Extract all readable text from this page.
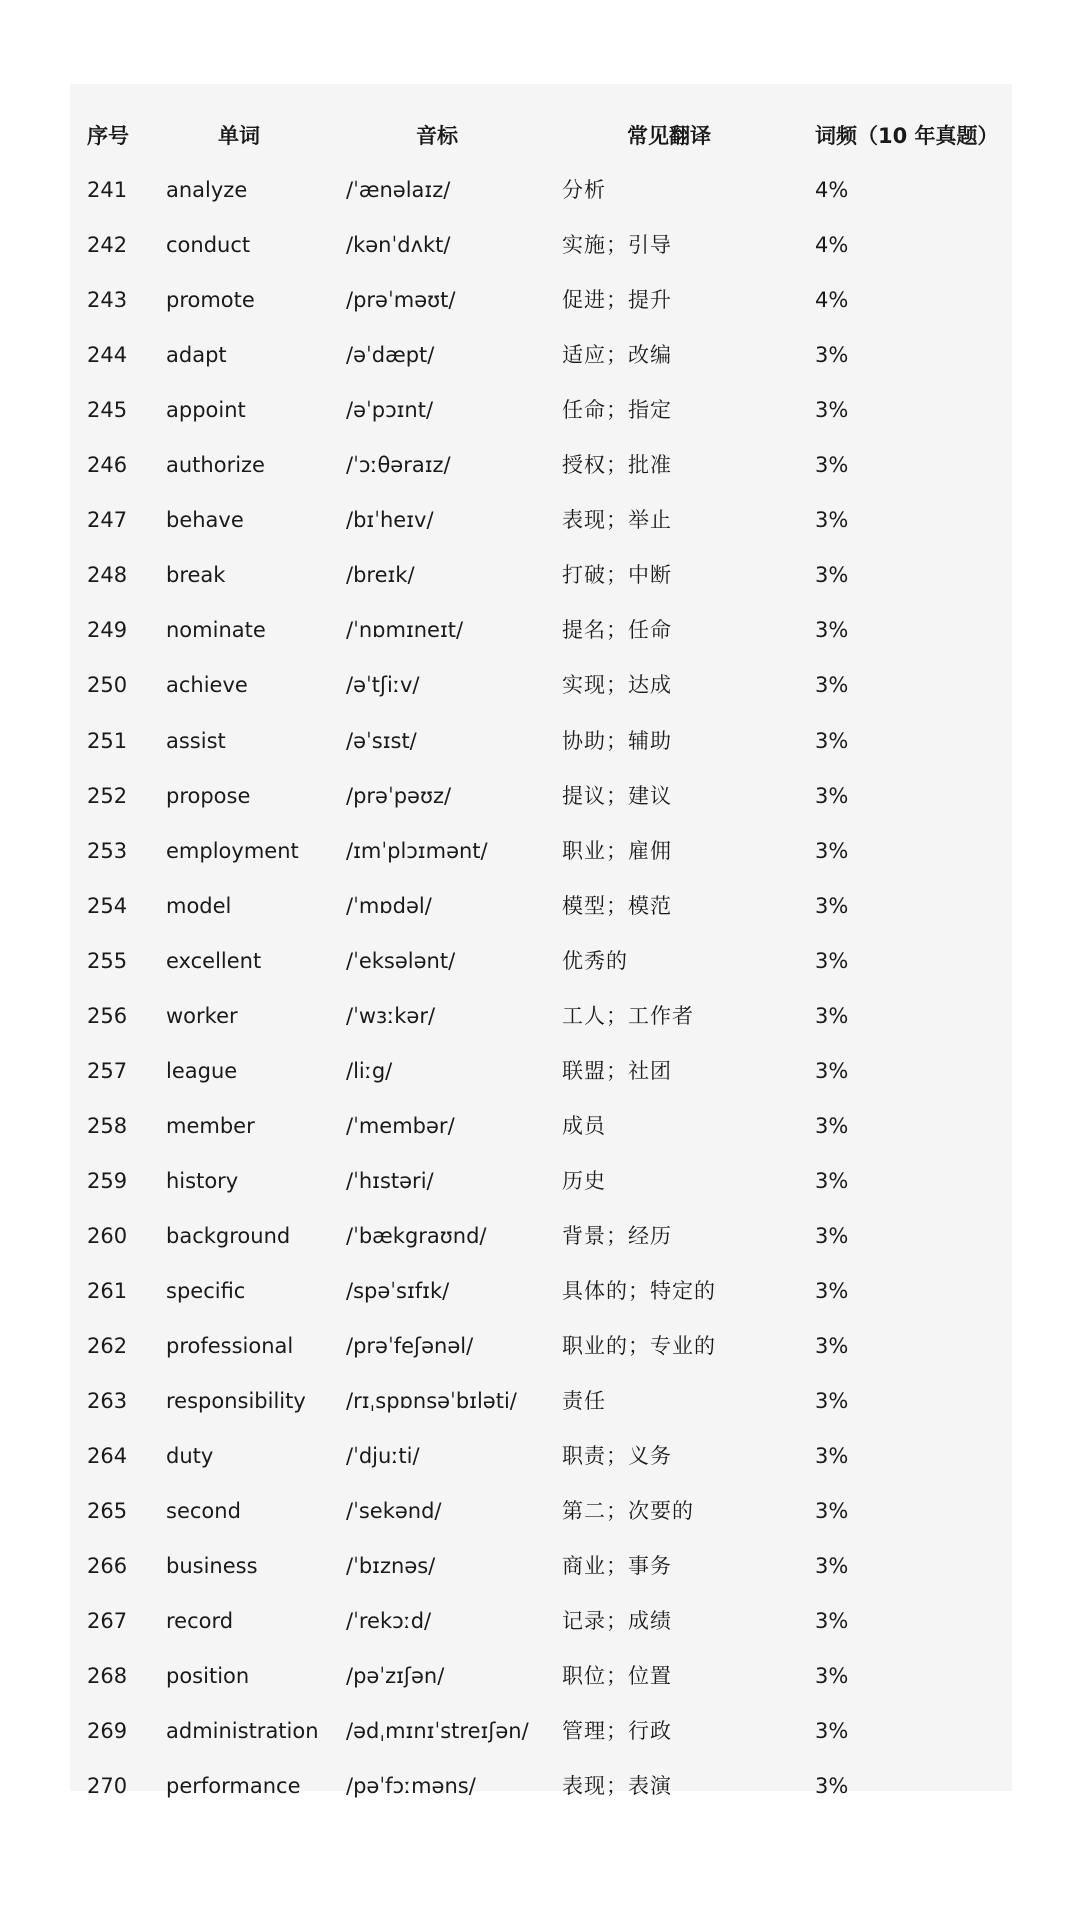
序号	单词	音标	常见翻译	词频（10 年真题）
241 analyze	/ˈænəlaɪz/	分析	4%
242 conduct	/kənˈdʌkt/	实施；引导	4%
243 promote	/prəˈməʊt/	促进；提升	4%
244 adapt	/əˈdæpt/	适应；改编	3%
245 appoint	/əˈpɔɪnt/	任命；指定	3%
246 authorize	/ˈɔːθəraɪz/	授权；批准	3%
247 behave	/bɪˈheɪv/	表现；举止	3%
248 break	/breɪk/	打破；中断	3%
249 nominate	/ˈnɒmɪneɪt/	提名；任命	3%
250 achieve	/əˈtʃiːv/	实现；达成	3%
251 assist	/əˈsɪst/	协助；辅助	3%
252 propose	/prəˈpəʊz/	提议；建议	3%
253 employment /ɪmˈplɔɪmənt/	职业；雇佣	3%
254 model	/ˈmɒdəl/	模型；模范	3%
255 excellent	/ˈeksələnt/	优秀的	3%
256 worker	/ˈwɜːkər/	工人；工作者	3%
257 league	/liːg/	联盟；社团	3%
258 member	/ˈmembər/	成员	3%
259 history	/ˈhɪstəri/	历史	3%
260 background	/ˈbækgraʊnd/	背景；经历	3%
261 specific	/spəˈsɪfɪk/	具体的；特定的	3%
262 professional	/prəˈfeʃənəl/	职业的；专业的	3%
263 responsibility /rɪˌspɒnsəˈbɪləti/ 责任	3%
264 duty	/ˈdjuːti/	职责；义务	3%
265 second	/ˈsekənd/	第二；次要的	3%
266 business	/ˈbɪznəs/	商业；事务	3%
267 record	/ˈrekɔːd/	记录；成绩	3%
268 position	/pəˈzɪʃən/	职位；位置	3%
269 administration /ədˌmɪnɪˈstreɪʃən/ 管理；行政	3%
270 performance /pəˈfɔːməns/	表现；表演	3%
